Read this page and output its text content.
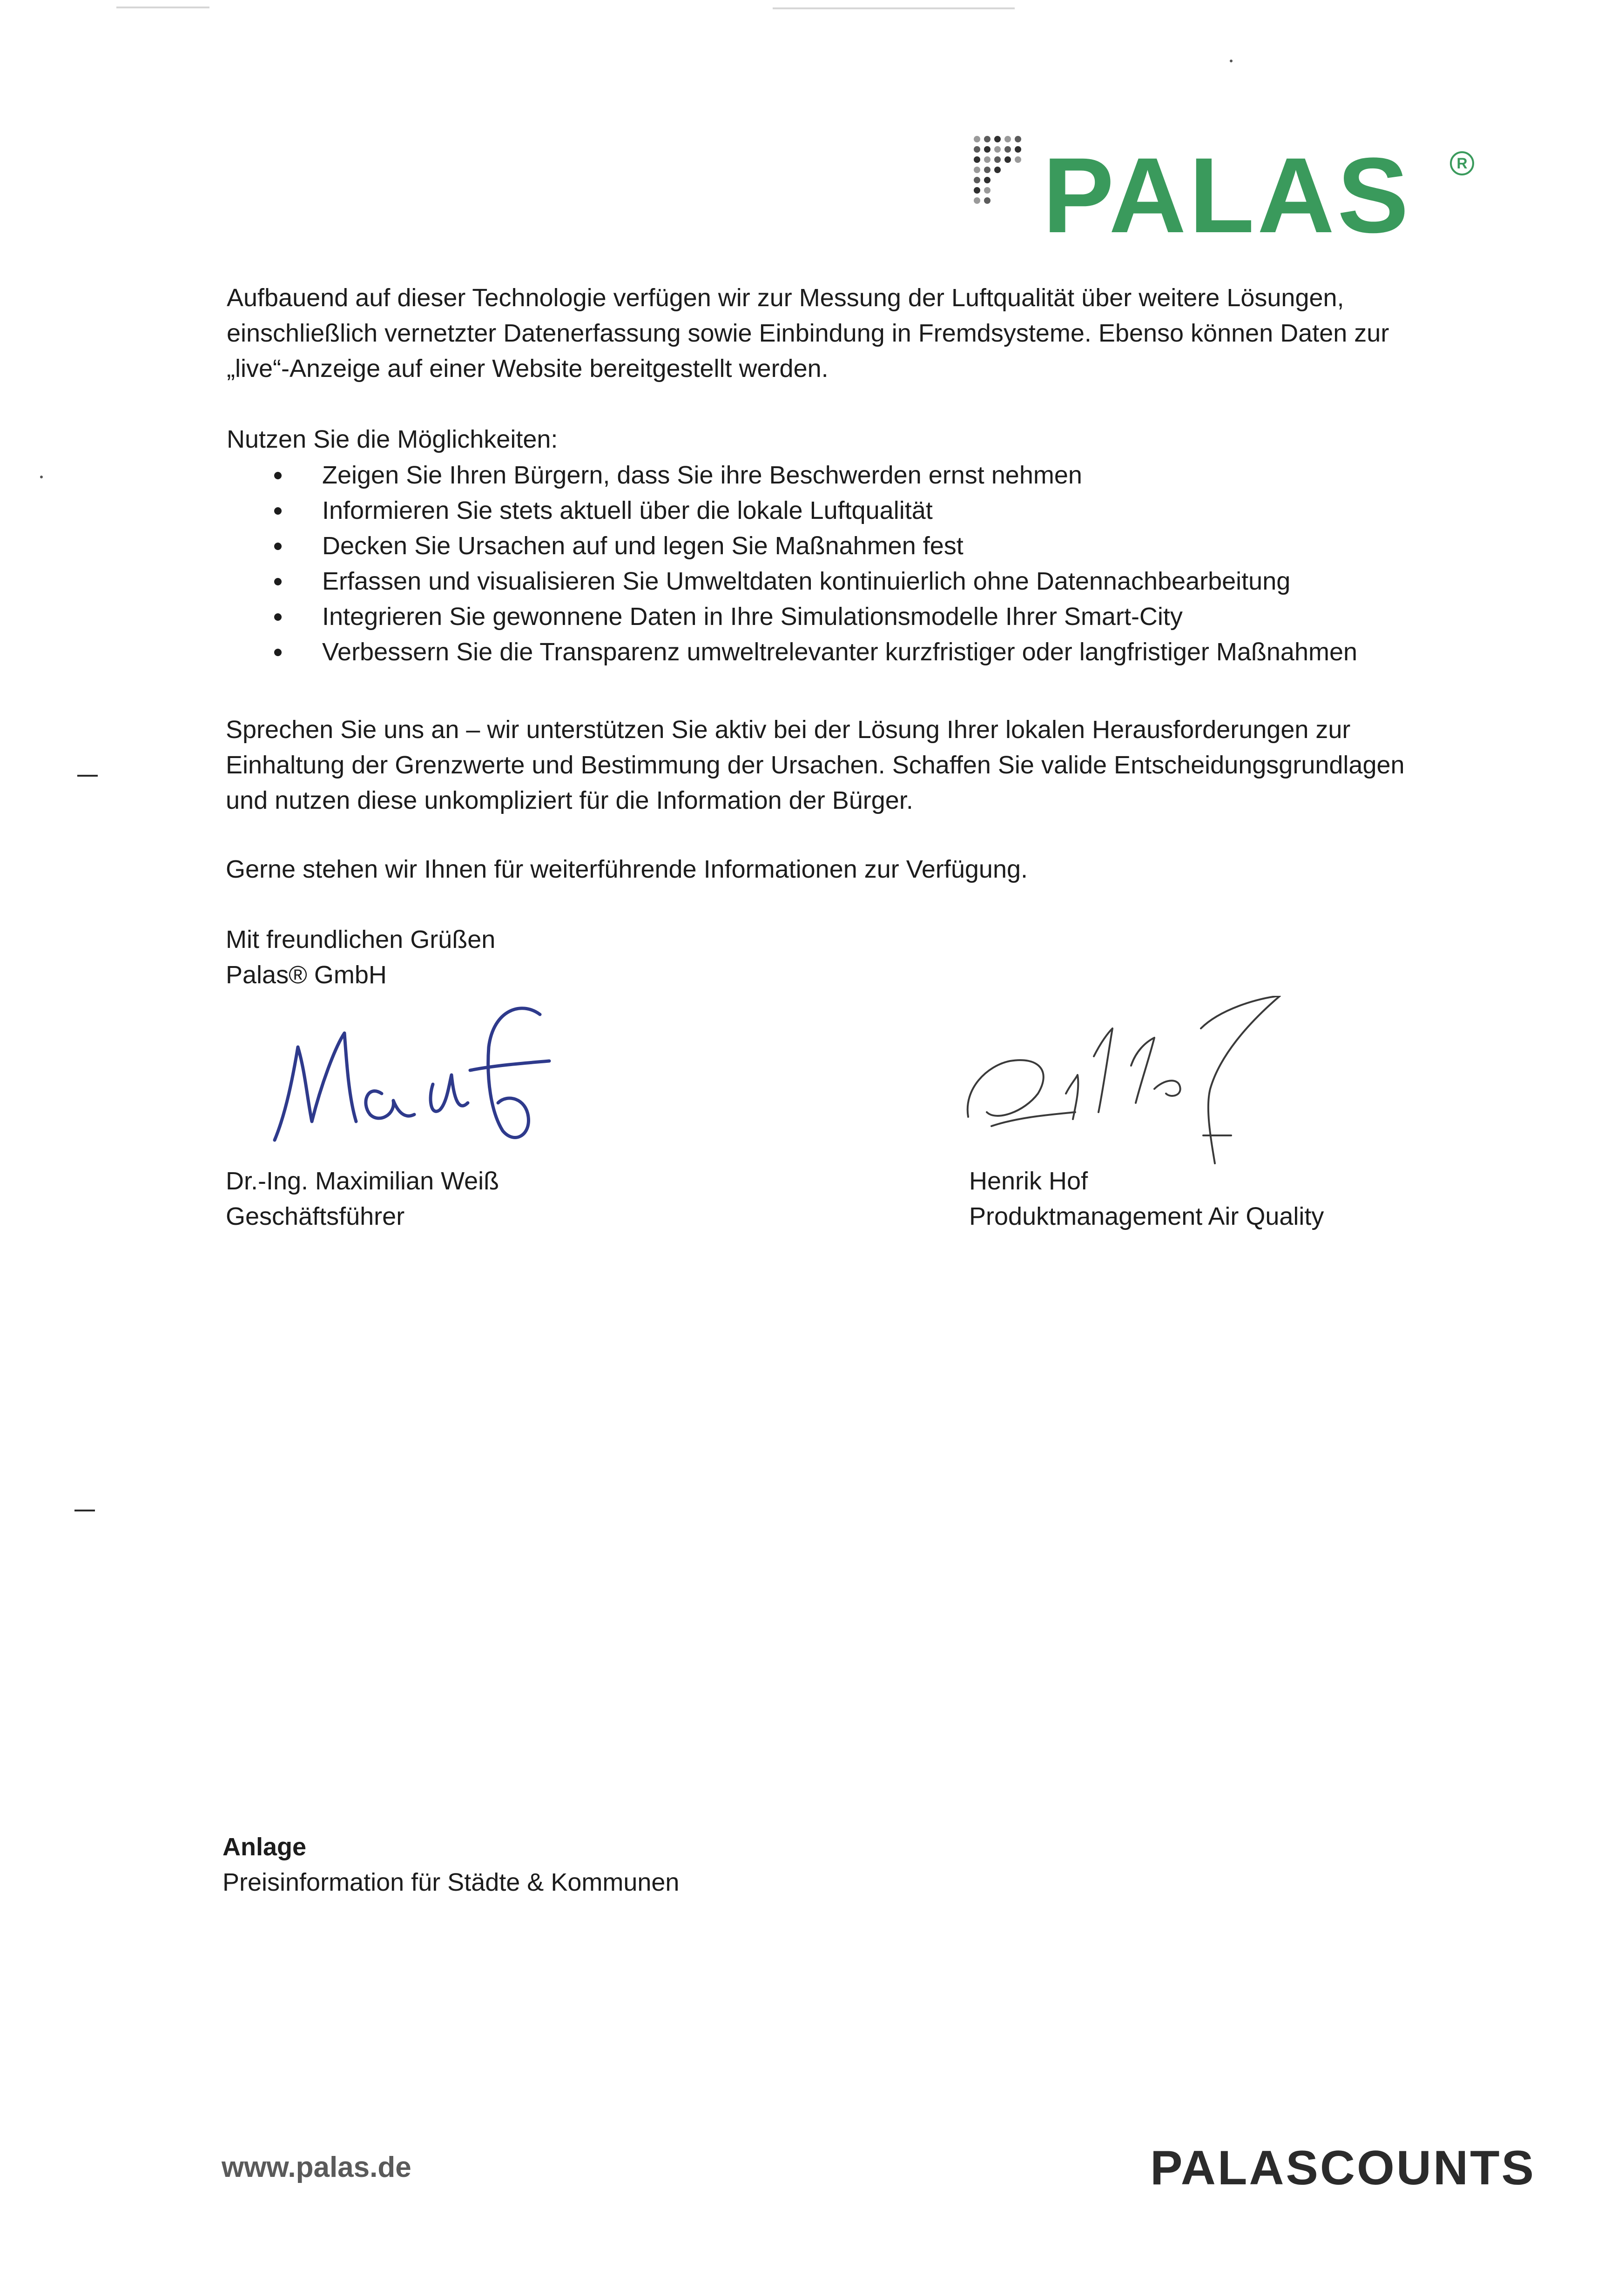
PALAS	R
Aufbauend auf dieser Technologie verfügen wir zur Messung der Luftqualität über weitere Lösungen,
einschließlich vernetzter Datenerfassung sowie Einbindung in Fremdsysteme. Ebenso können Daten zur
„live“-Anzeige auf einer Website bereitgestellt werden.
Nutzen Sie die Möglichkeiten:
Zeigen Sie Ihren Bürgern, dass Sie ihre Beschwerden ernst nehmen
Informieren Sie stets aktuell über die lokale Luftqualität
Decken Sie Ursachen auf und legen Sie Maßnahmen fest
Erfassen und visualisieren Sie Umweltdaten kontinuierlich ohne Datennachbearbeitung
Integrieren Sie gewonnene Daten in Ihre Simulationsmodelle Ihrer Smart-City
Verbessern Sie die Transparenz umweltrelevanter kurzfristiger oder langfristiger Maßnahmen
Sprechen Sie uns an – wir unterstützen Sie aktiv bei der Lösung Ihrer lokalen Herausforderungen zur
Einhaltung der Grenzwerte und Bestimmung der Ursachen. Schaffen Sie valide Entscheidungsgrundlagen
und nutzen diese unkompliziert für die Information der Bürger.
Gerne stehen wir Ihnen für weiterführende Informationen zur Verfügung.
Mit freundlichen Grüßen
Palas® GmbH
Dr.-Ing. Maximilian Weiß
Geschäftsführer
Henrik Hof
Produktmanagement Air Quality
Anlage
Preisinformation für Städte & Kommunen
www.palas.de	PALASCOUNTS
